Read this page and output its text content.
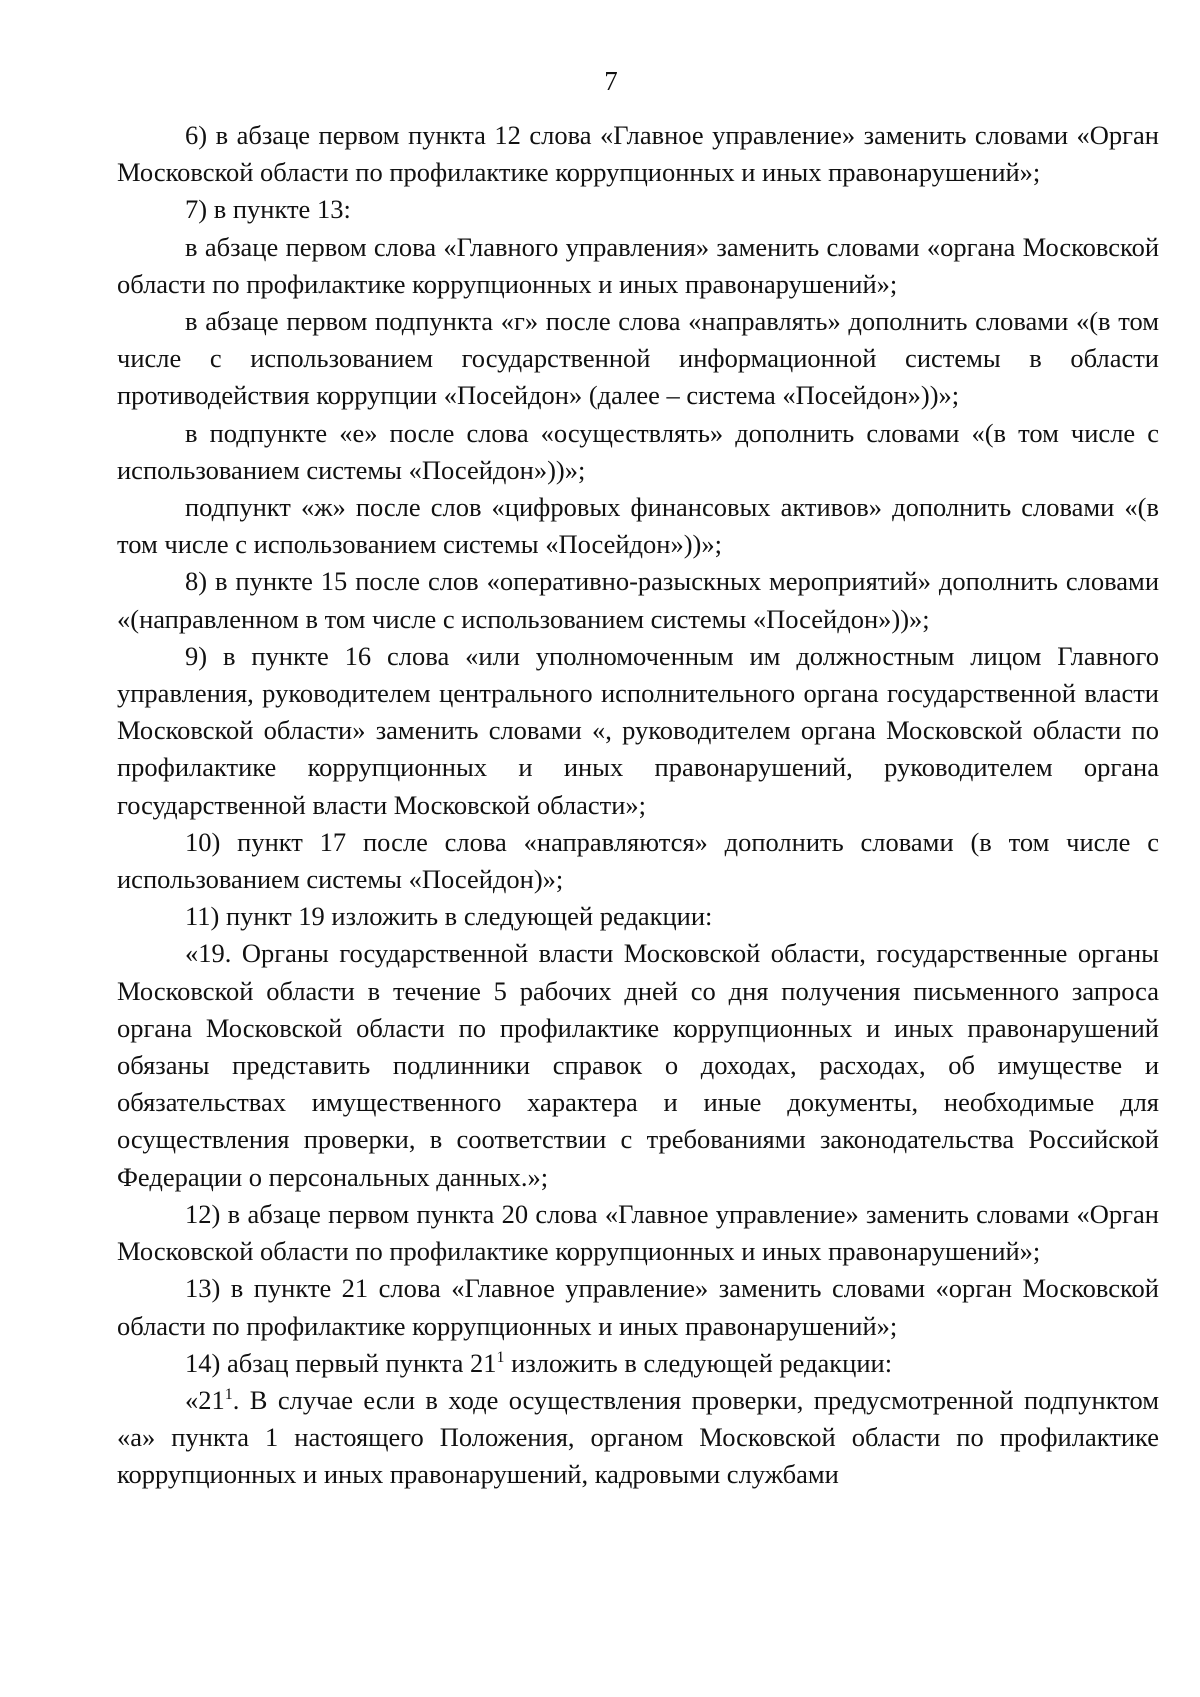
7

6) в абзаце первом пункта 12 слова «Главное управление» заменить словами «Орган Московской области по профилактике коррупционных и иных правонарушений»;

7) в пункте 13:

в абзаце первом слова «Главного управления» заменить словами «органа Московской области по профилактике коррупционных и иных правонарушений»;

в абзаце первом подпункта «г» после слова «направлять» дополнить словами «(в том числе с использованием государственной информационной системы в области противодействия коррупции «Посейдон» (далее – система «Посейдон»))»;

в подпункте «е» после слова «осуществлять» дополнить словами «(в том числе с использованием системы «Посейдон»))»;

подпункт «ж» после слов «цифровых финансовых активов» дополнить словами «(в том числе с использованием системы «Посейдон»))»;

8) в пункте 15 после слов «оперативно-разыскных мероприятий» дополнить словами «(направленном в том числе с использованием системы «Посейдон»))»;

9) в пункте 16 слова «или уполномоченным им должностным лицом Главного управления, руководителем центрального исполнительного органа государственной власти Московской области» заменить словами «, руководителем органа Московской области по профилактике коррупционных и иных правонарушений, руководителем органа государственной власти Московской области»;

10) пункт 17 после слова «направляются» дополнить словами (в том числе с использованием системы «Посейдон)»;

11) пункт 19 изложить в следующей редакции:

«19. Органы государственной власти Московской области, государственные органы Московской области в течение 5 рабочих дней со дня получения письменного запроса органа Московской области по профилактике коррупционных и иных правонарушений обязаны представить подлинники справок о доходах, расходах, об имуществе и обязательствах имущественного характера и иные документы, необходимые для осуществления проверки, в соответствии с требованиями законодательства Российской Федерации о персональных данных.»;

12) в абзаце первом пункта 20 слова «Главное управление» заменить словами «Орган Московской области по профилактике коррупционных и иных правонарушений»;

13) в пункте 21 слова «Главное управление» заменить словами «орган Московской области по профилактике коррупционных и иных правонарушений»;

14) абзац первый пункта $21^1$ изложить в следующей редакции:

«$21^1$. В случае если в ходе осуществления проверки, предусмотренной подпунктом «а» пункта 1 настоящего Положения, органом Московской области по профилактике коррупционных и иных правонарушений, кадровыми службами
